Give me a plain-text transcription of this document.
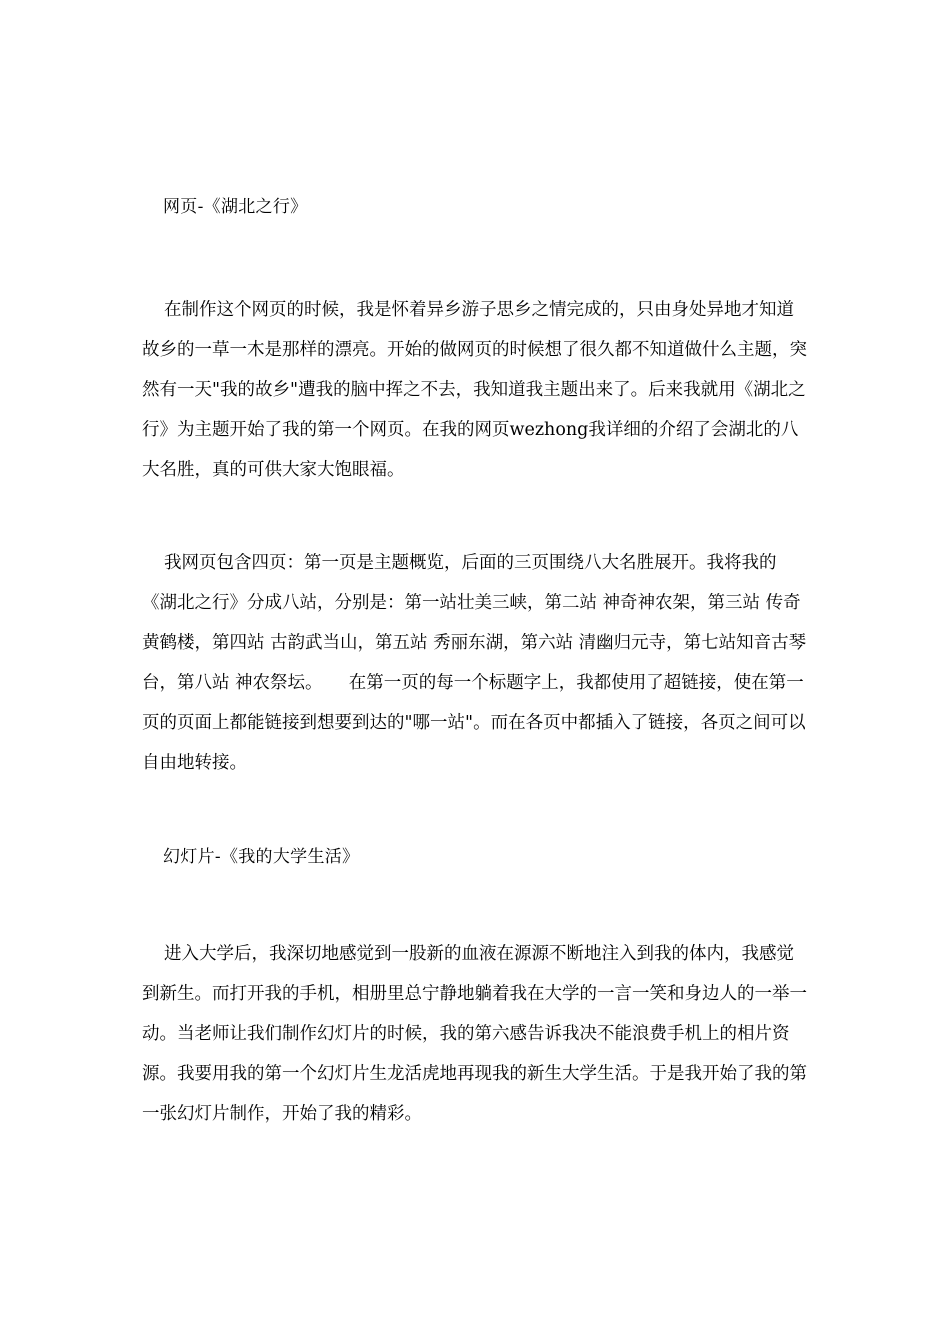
网页-《湖北之行》

在制作这个网页的时候，我是怀着异乡游子思乡之情完成的，只由身处异地才知道故乡的一草一木是那样的漂亮。开始的做网页的时候想了很久都不知道做什么主题，突然有一天"我的故乡"遭我的脑中挥之不去，我知道我主题出来了。后来我就用《湖北之行》为主题开始了我的第一个网页。在我的网页wezhong我详细的介绍了会湖北的八大名胜，真的可供大家大饱眼福。

我网页包含四页：第一页是主题概览，后面的三页围绕八大名胜展开。我将我的《湖北之行》分成八站，分别是：第一站壮美三峡，第二站 神奇神农架，第三站 传奇黄鹤楼，第四站 古韵武当山，第五站 秀丽东湖，第六站 清幽归元寺，第七站知音古琴台，第八站 神农祭坛。　　在第一页的每一个标题字上，我都使用了超链接，使在第一页的页面上都能链接到想要到达的"哪一站"。而在各页中都插入了链接，各页之间可以自由地转接。

幻灯片-《我的大学生活》

进入大学后，我深切地感觉到一股新的血液在源源不断地注入到我的体内，我感觉到新生。而打开我的手机，相册里总宁静地躺着我在大学的一言一笑和身边人的一举一动。当老师让我们制作幻灯片的时候，我的第六感告诉我决不能浪费手机上的相片资源。我要用我的第一个幻灯片生龙活虎地再现我的新生大学生活。于是我开始了我的第一张幻灯片制作，开始了我的精彩。
